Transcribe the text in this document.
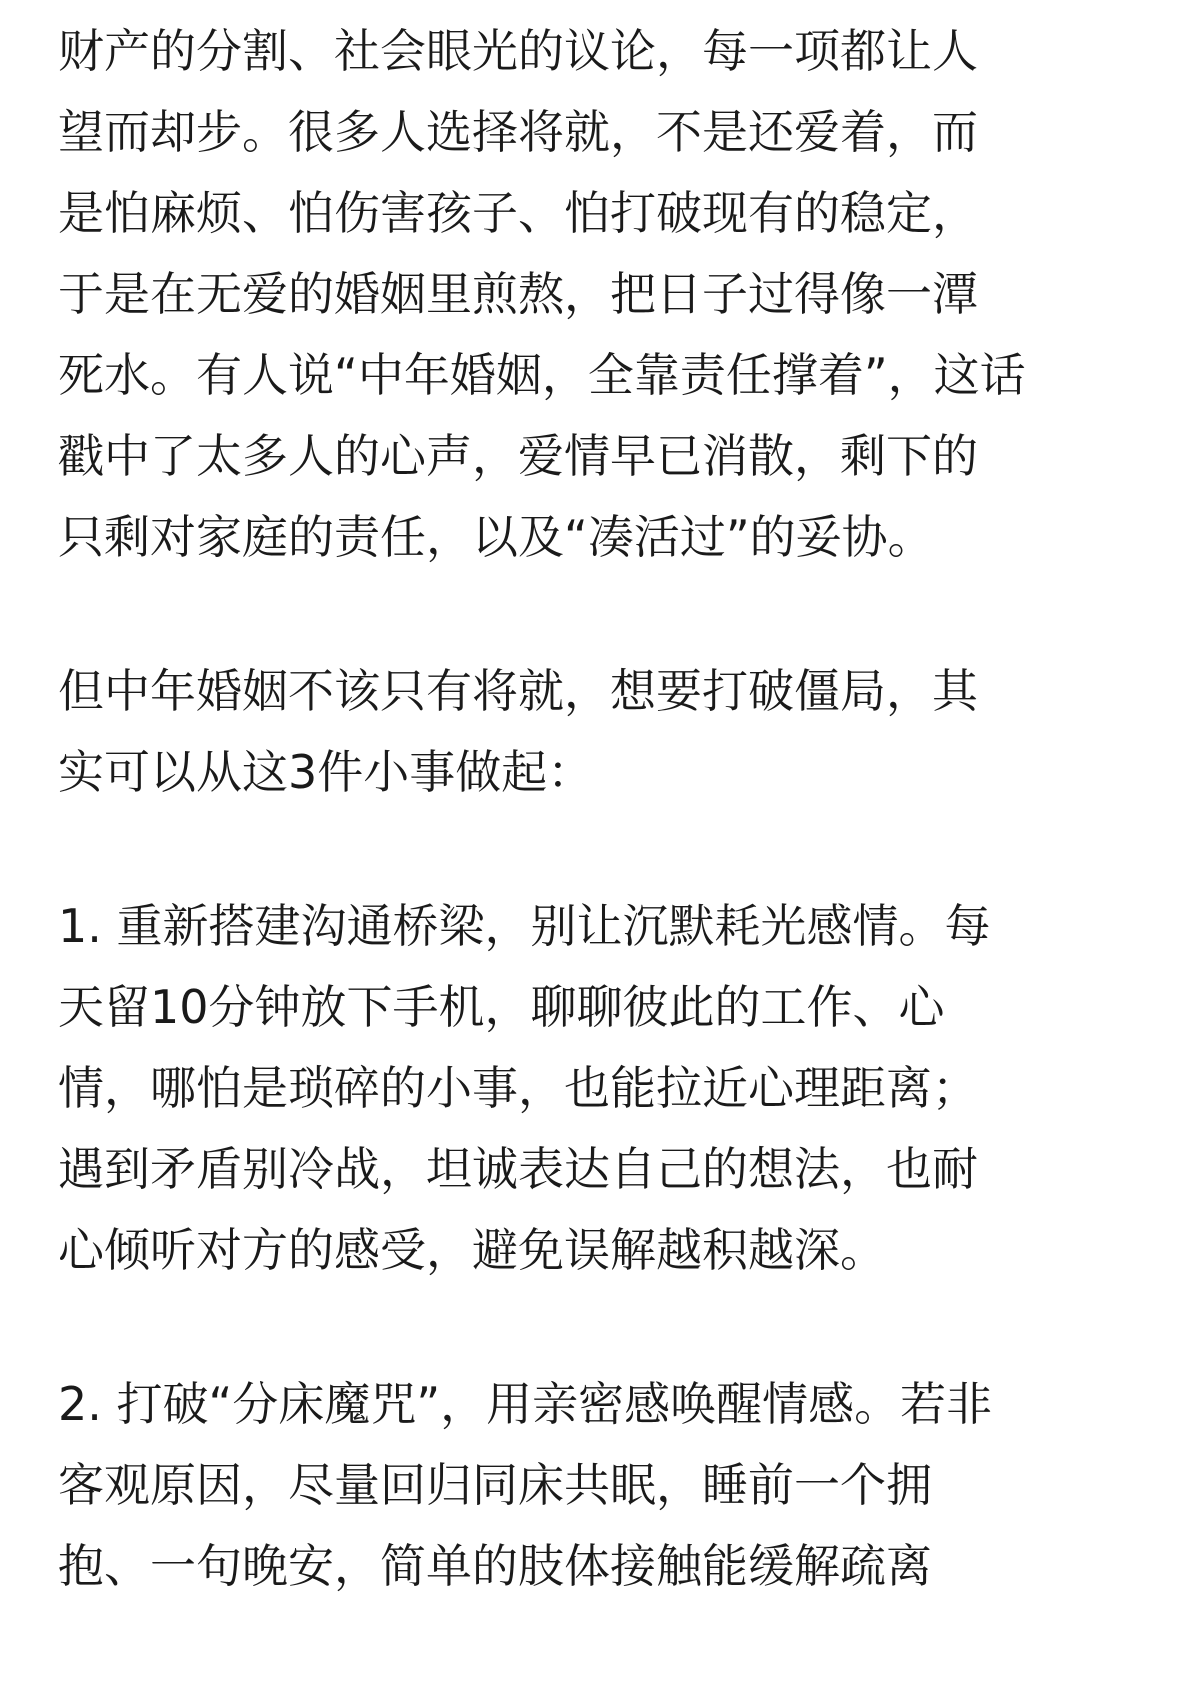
财产的分割、社会眼光的议论，每一项都让人
望而却步。很多人选择将就，不是还爱着，而
是怕麻烦、怕伤害孩子、怕打破现有的稳定，
于是在无爱的婚姻里煎熬，把日子过得像一潭
死水。有人说“中年婚姻，全靠责任撑着”，这话
戳中了太多人的心声，爱情早已消散，剩下的
只剩对家庭的责任，以及“凑活过”的妥协。
但中年婚姻不该只有将就，想要打破僵局，其
实可以从这3件小事做起：
1. 重新搭建沟通桥梁，别让沉默耗光感情。每
天留10分钟放下手机，聊聊彼此的工作、心
情，哪怕是琐碎的小事，也能拉近心理距离；
遇到矛盾别冷战，坦诚表达自己的想法，也耐
心倾听对方的感受，避免误解越积越深。
2. 打破“分床魔咒”，用亲密感唤醒情感。若非
客观原因，尽量回归同床共眠，睡前一个拥
抱、一句晚安，简单的肢体接触能缓解疏离
